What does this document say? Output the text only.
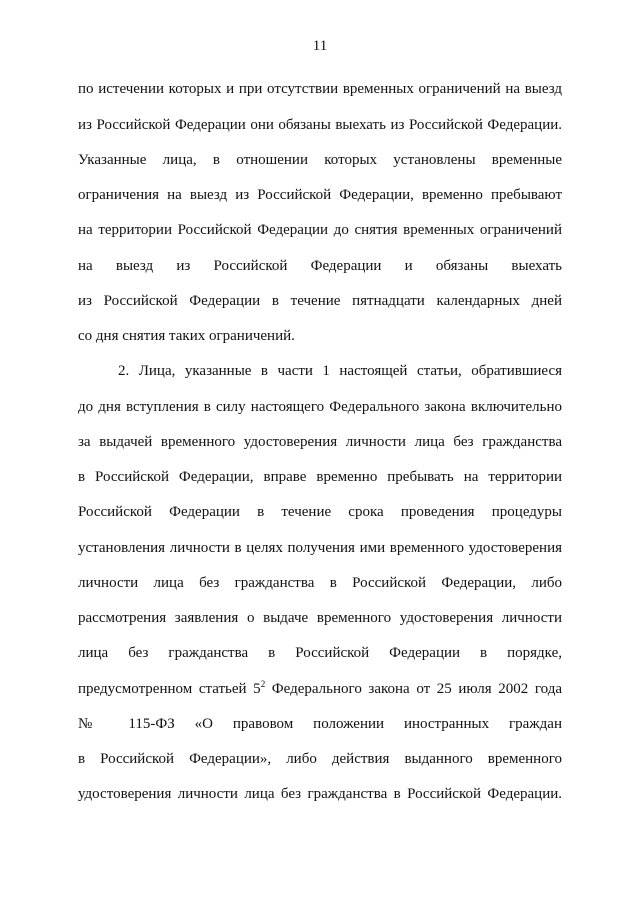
11
по истечении которых и при отсутствии временных ограничений на выезд
из Российской Федерации они обязаны выехать из Российской Федерации.
Указанные лица, в отношении которых установлены временные
ограничения на выезд из Российской Федерации, временно пребывают
на территории Российской Федерации до снятия временных ограничений
на выезд из Российской Федерации и обязаны выехать
из Российской Федерации в течение пятнадцати календарных дней
со дня снятия таких ограничений.
2. Лица, указанные в части 1 настоящей статьи, обратившиеся
до дня вступления в силу настоящего Федерального закона включительно
за выдачей временного удостоверения личности лица без гражданства
в Российской Федерации, вправе временно пребывать на территории
Российской Федерации в течение срока проведения процедуры
установления личности в целях получения ими временного удостоверения
личности лица без гражданства в Российской Федерации, либо
рассмотрения заявления о выдаче временного удостоверения личности
лица без гражданства в Российской Федерации в порядке,
предусмотренном статьей $5^2$ Федерального закона от 25 июля 2002 года
№ 115-ФЗ «О правовом положении иностранных граждан
в Российской Федерации», либо действия выданного временного
удостоверения личности лица без гражданства в Российской Федерации.
